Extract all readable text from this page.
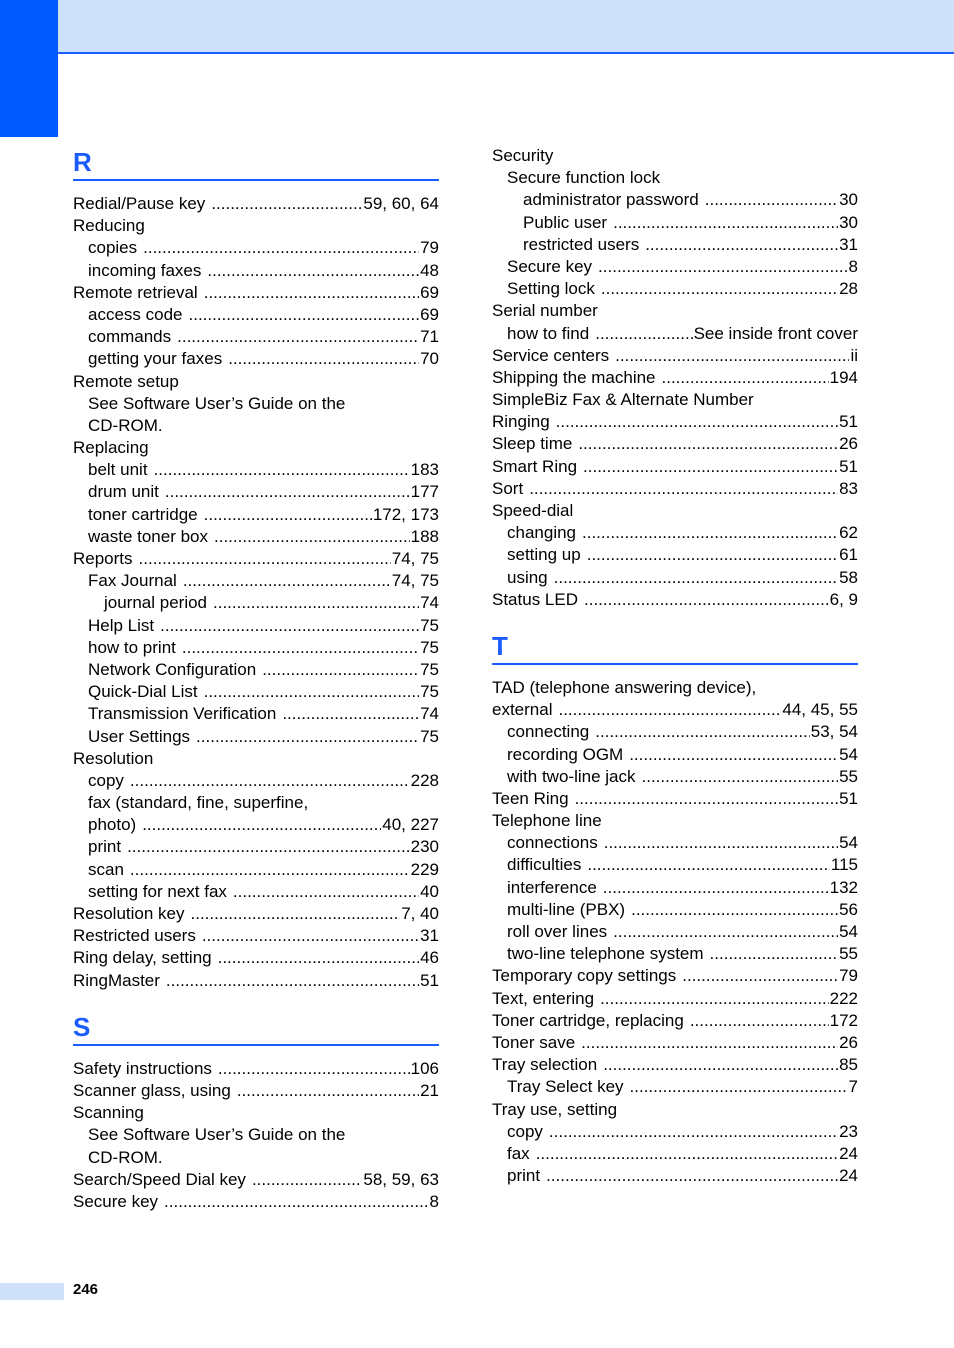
R
Redial/Pause key .....	59, 60, 64
Reducing
copies .....	79
incoming faxes .....	48
Remote retrieval .....	69
access code .....	69
commands .....	71
getting your faxes .....	70
Remote setup
See Software User’s Guide on the
CD-ROM.
Replacing
belt unit .....	183
drum unit .....	177
toner cartridge .....	172, 173
waste toner box .....	188
Reports .....	74, 75
Fax Journal .....	74, 75
journal period .....	74
Help List .....	75
how to print .....	75
Network Configuration .....	75
Quick-Dial List .....	75
Transmission Verification .....	74
User Settings .....	75
Resolution
copy .....	228
fax (standard, fine, superfine,
photo) .....	40, 227
print .....	230
scan .....	229
setting for next fax .....	40
Resolution key .....	7, 40
Restricted users .....	31
Ring delay, setting .....	46
RingMaster .....	51
S
Safety instructions .....	106
Scanner glass, using .....	21
Scanning
See Software User’s Guide on the
CD-ROM.
Search/Speed Dial key .....	58, 59, 63
Secure key .....	8
Security
Secure function lock
administrator password .....	30
Public user .....	30
restricted users .....	31
Secure key .....	8
Setting lock .....	28
Serial number
how to find .....	See inside front cover
Service centers .....	ii
Shipping the machine .....	194
SimpleBiz Fax & Alternate Number
Ringing .....	51
Sleep time .....	26
Smart Ring .....	51
Sort .....	83
Speed-dial
changing .....	62
setting up .....	61
using .....	58
Status LED .....	6, 9
T
TAD (telephone answering device),
external .....	44, 45, 55
connecting .....	53, 54
recording OGM .....	54
with two-line jack .....	55
Teen Ring .....	51
Telephone line
connections .....	54
difficulties .....	115
interference .....	132
multi-line (PBX) .....	56
roll over lines .....	54
two-line telephone system .....	55
Temporary copy settings .....	79
Text, entering .....	222
Toner cartridge, replacing .....	172
Toner save .....	26
Tray selection .....	85
Tray Select key .....	7
Tray use, setting
copy .....	23
fax .....	24
print .....	24
246
